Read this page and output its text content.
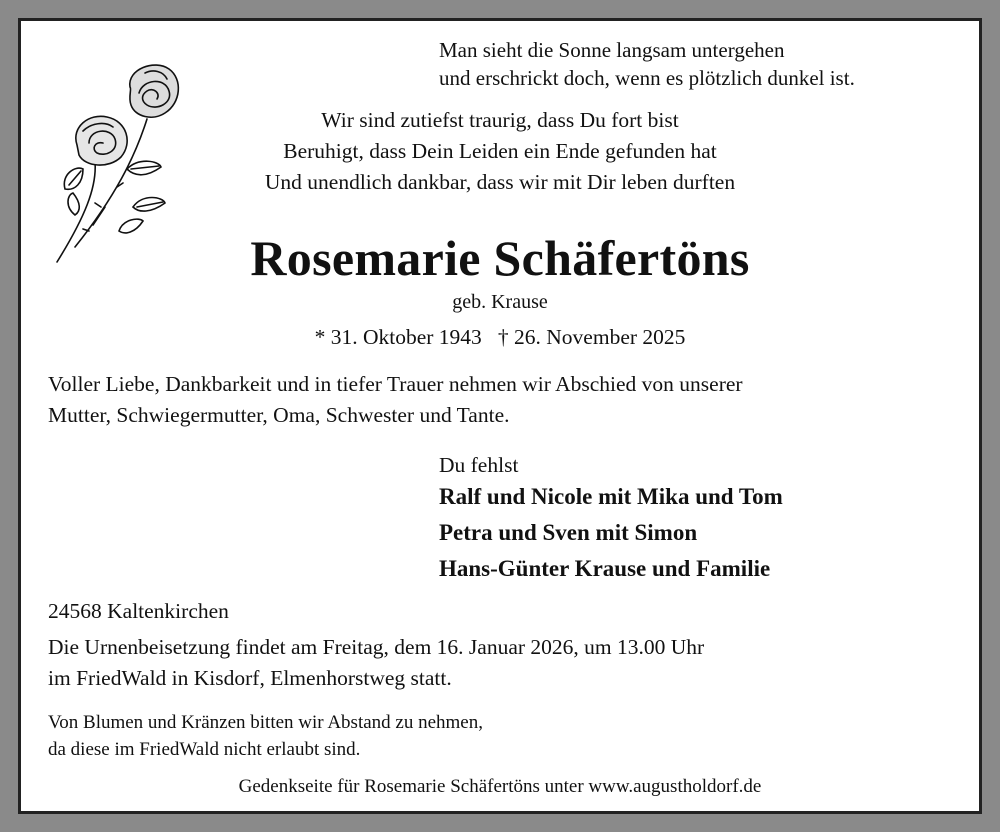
Man sieht die Sonne langsam untergehen
und erschrickt doch, wenn es plötzlich dunkel ist.
Wir sind zutiefst traurig, dass Du fort bist
Beruhigt, dass Dein Leiden ein Ende gefunden hat
Und unendlich dankbar, dass wir mit Dir leben durften
Rosemarie Schäfertöns
geb. Krause
* 31. Oktober 1943   † 26. November 2025
Voller Liebe, Dankbarkeit und in tiefer Trauer nehmen wir Abschied von unserer
Mutter, Schwiegermutter, Oma, Schwester und Tante.
Du fehlst
Ralf und Nicole mit Mika und Tom
Petra und Sven mit Simon
Hans-Günter Krause und Familie
24568 Kaltenkirchen
Die Urnenbeisetzung findet am Freitag, dem 16. Januar 2026, um 13.00 Uhr
im FriedWald in Kisdorf, Elmenhorstweg statt.
Von Blumen und Kränzen bitten wir Abstand zu nehmen,
da diese im FriedWald nicht erlaubt sind.
Gedenkseite für Rosemarie Schäfertöns unter www.augustholdorf.de
